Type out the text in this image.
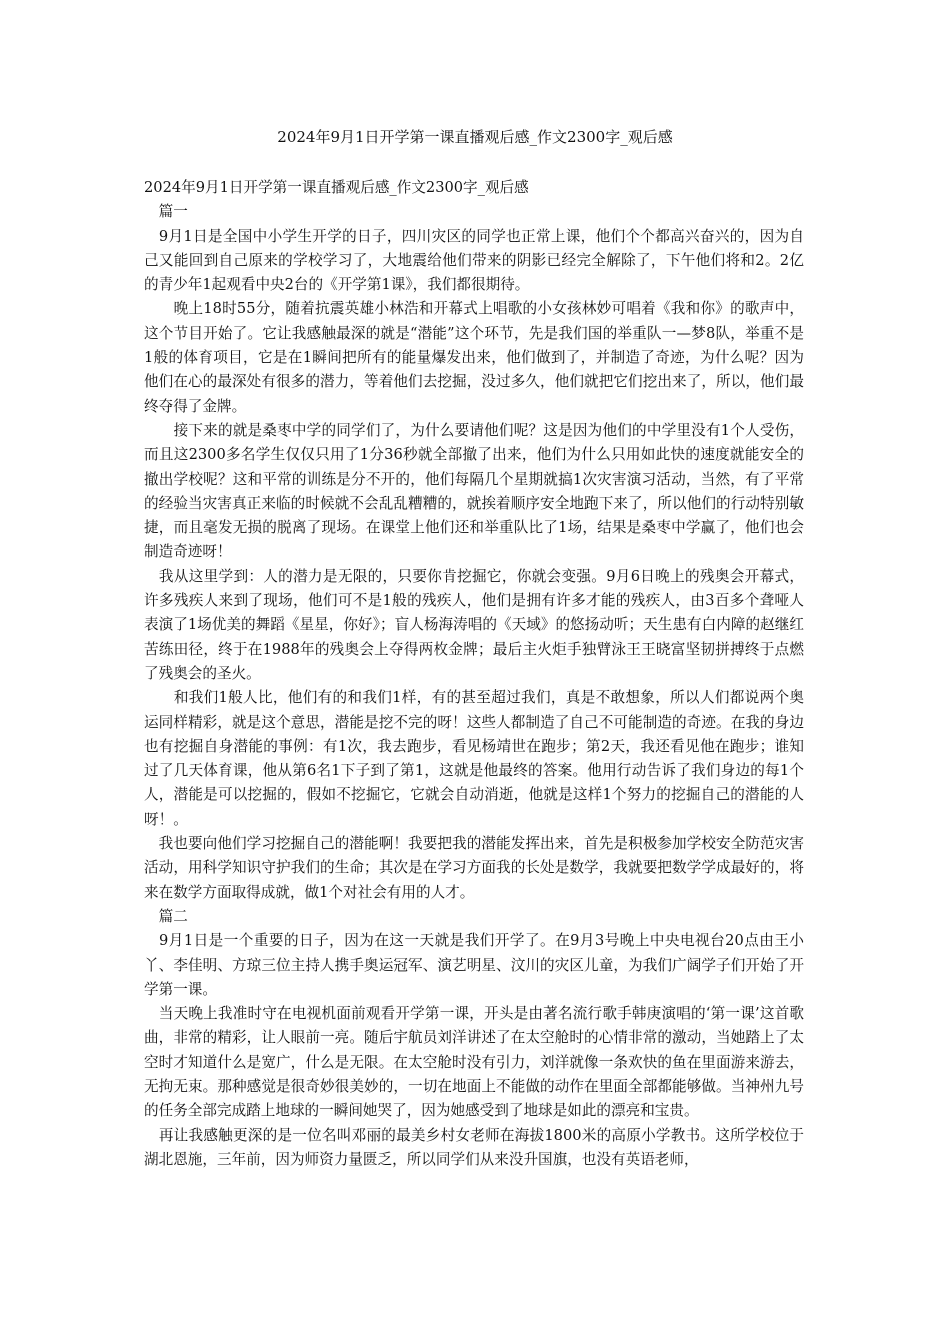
2024年9月1日开学第一课直播观后感_作文2300字_观后感

2024年9月1日开学第一课直播观后感_作文2300字_观后感

　篇一

　9月1日是全国中小学生开学的日子，四川灾区的同学也正常上课，他们个个都高兴奋兴的，因为自己又能回到自己原来的学校学习了，大地震给他们带来的阴影已经完全解除了，下午他们将和2。2亿的青少年1起观看中央2台的《开学第1课》，我们都很期待。

　　晚上18时55分，随着抗震英雄小林浩和开幕式上唱歌的小女孩林妙可唱着《我和你》的歌声中，这个节目开始了。它让我感触最深的就是“潜能”这个环节，先是我们国的举重队一—梦8队，举重不是1般的体育项目，它是在1瞬间把所有的能量爆发出来，他们做到了，并制造了奇迹，为什么呢？因为他们在心的最深处有很多的潜力，等着他们去挖掘，没过多久，他们就把它们挖出来了，所以，他们最终夺得了金牌。

　　接下来的就是桑枣中学的同学们了，为什么要请他们呢？这是因为他们的中学里没有1个人受伤，而且这2300多名学生仅仅只用了1分36秒就全部撤了出来，他们为什么只用如此快的速度就能安全的撤出学校呢？这和平常的训练是分不开的，他们每隔几个星期就搞1次灾害演习活动，当然，有了平常的经验当灾害真正来临的时候就不会乱乱糟糟的，就挨着顺序安全地跑下来了，所以他们的行动特别敏捷，而且毫发无损的脱离了现场。在课堂上他们还和举重队比了1场，结果是桑枣中学赢了，他们也会制造奇迹呀！

　我从这里学到：人的潜力是无限的，只要你肯挖掘它，你就会变强。9月6日晚上的残奥会开幕式，许多残疾人来到了现场，他们可不是1般的残疾人，他们是拥有许多才能的残疾人，由3百多个聋哑人表演了1场优美的舞蹈《星星，你好》；盲人杨海涛唱的《天域》的悠扬动听；天生患有白内障的赵继红苦练田径，终于在1988年的残奥会上夺得两枚金牌；最后主火炬手独臂泳王王晓富坚韧拼搏终于点燃了残奥会的圣火。

　　和我们1般人比，他们有的和我们1样，有的甚至超过我们，真是不敢想象，所以人们都说两个奥运同样精彩，就是这个意思，潜能是挖不完的呀！这些人都制造了自己不可能制造的奇迹。在我的身边也有挖掘自身潜能的事例：有1次，我去跑步，看见杨靖世在跑步；第2天，我还看见他在跑步；谁知过了几天体育课，他从第6名1下子到了第1，这就是他最终的答案。他用行动告诉了我们身边的每1个人，潜能是可以挖掘的，假如不挖掘它，它就会自动消逝，他就是这样1个努力的挖掘自己的潜能的人呀！。

　我也要向他们学习挖掘自己的潜能啊！我要把我的潜能发挥出来，首先是积极参加学校安全防范灾害活动，用科学知识守护我们的生命；其次是在学习方面我的长处是数学，我就要把数学学成最好的，将来在数学方面取得成就，做1个对社会有用的人才。

　篇二

　9月1日是一个重要的日子，因为在这一天就是我们开学了。在9月3号晚上中央电视台20点由王小丫、李佳明、方琼三位主持人携手奥运冠军、演艺明星、汶川的灾区儿童，为我们广阔学子们开始了开学第一课。

　当天晚上我准时守在电视机面前观看开学第一课，开头是由著名流行歌手韩庚演唱的‘第一课’这首歌曲，非常的精彩，让人眼前一亮。随后宇航员刘洋讲述了在太空舱时的心情非常的激动，当她踏上了太空时才知道什么是宽广，什么是无限。在太空舱时没有引力，刘洋就像一条欢快的鱼在里面游来游去，无拘无束。那种感觉是很奇妙很美妙的，一切在地面上不能做的动作在里面全部都能够做。当神州九号的任务全部完成踏上地球的一瞬间她哭了，因为她感受到了地球是如此的漂亮和宝贵。

　再让我感触更深的是一位名叫邓丽的最美乡村女老师在海拔1800米的高原小学教书。这所学校位于湖北恩施，三年前，因为师资力量匮乏，所以同学们从来没升国旗，也没有英语老师，
